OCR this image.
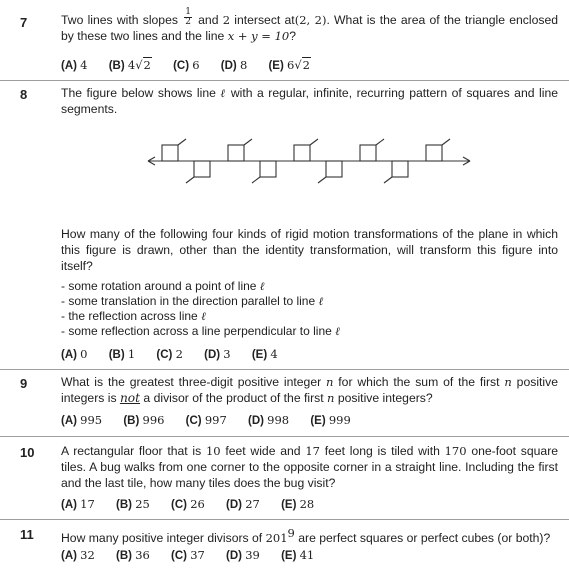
7	Two lines with slopes $\frac{1}{2}$ and 2 intersect at(2, 2). What is the area of the triangle enclosed by these two lines and the line x + y = 10?
(A) 4 (B) 4√2 (C) 6 (D) 8 (E) 6√2
8	The figure below shows line ℓ with a regular, infinite, recurring pattern of squares and line segments.
How many of the following four kinds of rigid motion transformations of the plane in which this figure is drawn, other than the identity transformation, will transform this figure into itself?
- some rotation around a point of line ℓ
- some translation in the direction parallel to line ℓ
- the reflection across line ℓ
- some reflection across a line perpendicular to line ℓ
(A) 0 (B) 1 (C) 2 (D) 3 (E) 4
9	What is the greatest three-digit positive integer n for which the sum of the first n positive integers is not a divisor of the product of the first n positive integers?
(A) 995 (B) 996 (C) 997 (D) 998 (E) 999
10 A rectangular floor that is 10 feet wide and 17 feet long is tiled with 170 one-foot square tiles. A bug walks from one corner to the opposite corner in a straight line. Including the first and the last tile, how many tiles does the bug visit?
(A) 17 (B) 25 (C) 26 (D) 27 (E) 28
11 How many positive integer divisors of $201^9$ are perfect squares or perfect cubes (or both)?
(A) 32 (B) 36 (C) 37 (D) 39 (E) 41
